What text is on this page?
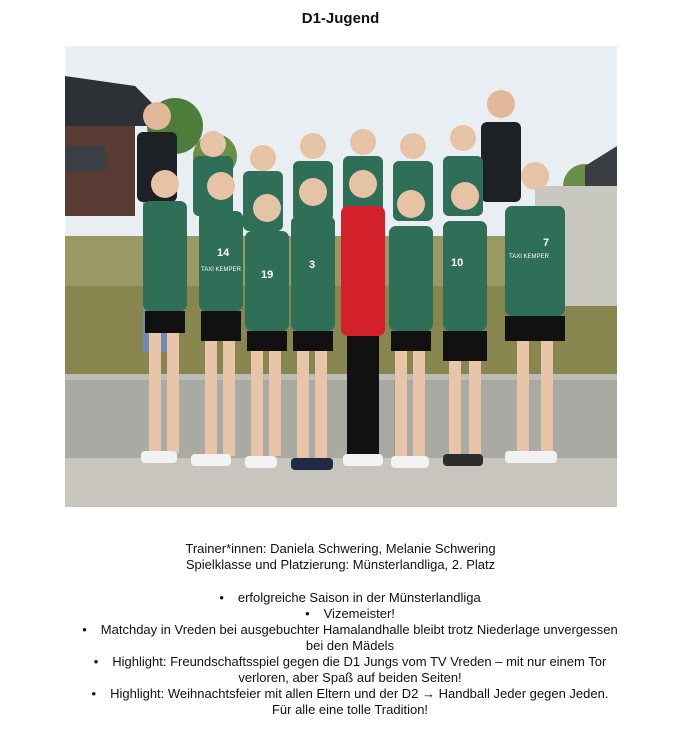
D1-Jugend
14
3
19
10
7
TAXI KEMPER
TAXI KEMPER
Trainer*innen: Daniela Schwering, Melanie Schwering
Spielklasse und Platzierung: Münsterlandliga, 2. Platz
• erfolgreiche Saison in der Münsterlandliga
• Vizemeister!
• Matchday in Vreden bei ausgebuchter Hamalandhalle bleibt trotz Niederlage unvergessen bei den Mädels
• Highlight: Freundschaftsspiel gegen die D1 Jungs vom TV Vreden – mit nur einem Tor verloren, aber Spaß auf beiden Seiten!
• Highlight: Weihnachtsfeier mit allen Eltern und der D2 → Handball Jeder gegen Jeden. Für alle eine tolle Tradition!
